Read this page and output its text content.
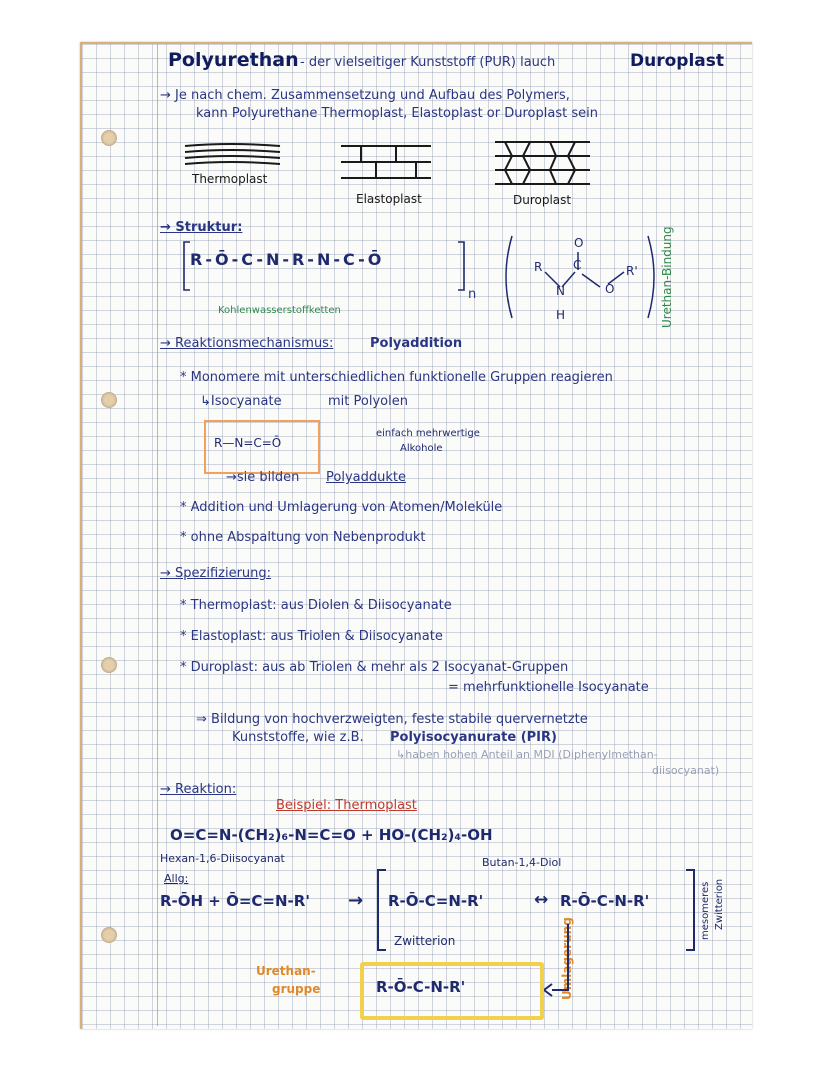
Polyurethan - der vielseitiger Kunststoff (PUR) lauch	Duroplast
→ Je nach chem. Zusammensetzung und Aufbau des Polymers,
kann Polyurethane Thermoplast, Elastoplast or Duroplast sein
Thermoplast
Elastoplast	Duroplast
→ Struktur:
R-Ō-C-N-R-N-C-Ō
n
Kohlenwasserstoffketten
R
N
C
O
R'
H
O	Urethan-Bindung
→ Reaktionsmechanismus:	Polyaddition
* Monomere mit unterschiedlichen funktionelle Gruppen reagieren
↳Isocyanate	mit Polyolen
R—N=C=Ō
einfach mehrwertige
Alkohole
→sie bilden Polyaddukte
* Addition und Umlagerung von Atomen/Moleküle
* ohne Abspaltung von Nebenprodukt
→ Spezifizierung:
* Thermoplast: aus Diolen & Diisocyanate
* Elastoplast: aus Triolen & Diisocyanate
* Duroplast: aus ab Triolen & mehr als 2 Isocyanat-Gruppen
= mehrfunktionelle Isocyanate
⇒ Bildung von hochverzweigten, feste stabile quervernetzte
Kunststoffe, wie z.B. Polyisocyanurate (PIR)
↳haben hohen Anteil an MDI (Diphenylmethan-
diisocyanat)
→ Reaktion:
Beispiel: Thermoplast
O=C=N-(CH₂)₆-N=C=O + HO-(CH₂)₄-OH
Hexan-1,6-Diisocyanat	Butan-1,4-Diol
Allg:
R-ŌH + Ō=C=N-R' → R-Ō-C=N-R'	↔ R-Ō-C-N-R'
Zwitterion
mesomeres Zwitterion
Umlagerung
Urethan-
gruppe	R-Ō-C-N-R'
